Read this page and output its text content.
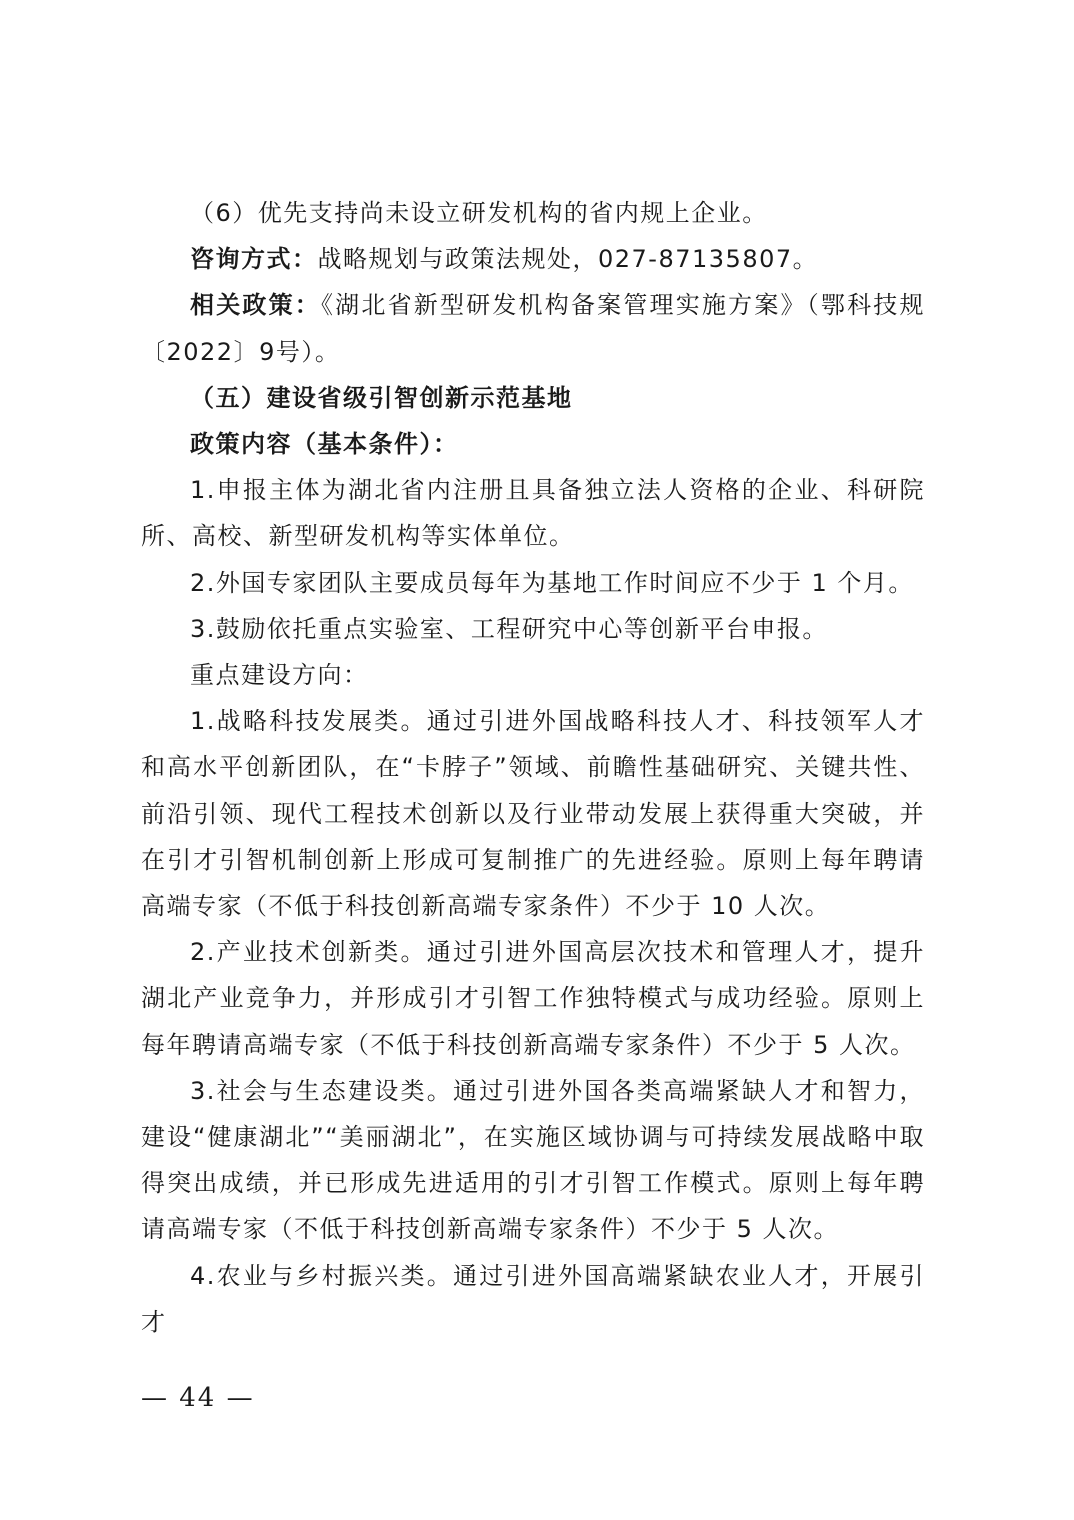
（6）优先支持尚未设立研发机构的省内规上企业。

咨询方式：战略规划与政策法规处，027-87135807。

相关政策：《湖北省新型研发机构备案管理实施方案》（鄂科技规〔2022〕9号）。

（五）建设省级引智创新示范基地

政策内容（基本条件）：

1.申报主体为湖北省内注册且具备独立法人资格的企业、科研院所、高校、新型研发机构等实体单位。

2.外国专家团队主要成员每年为基地工作时间应不少于 1 个月。

3.鼓励依托重点实验室、工程研究中心等创新平台申报。

重点建设方向：

1.战略科技发展类。通过引进外国战略科技人才、科技领军人才和高水平创新团队，在“卡脖子”领域、前瞻性基础研究、关键共性、前沿引领、现代工程技术创新以及行业带动发展上获得重大突破，并在引才引智机制创新上形成可复制推广的先进经验。原则上每年聘请高端专家（不低于科技创新高端专家条件）不少于 10 人次。

2.产业技术创新类。通过引进外国高层次技术和管理人才，提升湖北产业竞争力，并形成引才引智工作独特模式与成功经验。原则上每年聘请高端专家（不低于科技创新高端专家条件）不少于 5 人次。

3.社会与生态建设类。通过引进外国各类高端紧缺人才和智力，建设“健康湖北”“美丽湖北”，在实施区域协调与可持续发展战略中取得突出成绩，并已形成先进适用的引才引智工作模式。原则上每年聘请高端专家（不低于科技创新高端专家条件）不少于 5 人次。

4.农业与乡村振兴类。通过引进外国高端紧缺农业人才，开展引才

— 44 —
